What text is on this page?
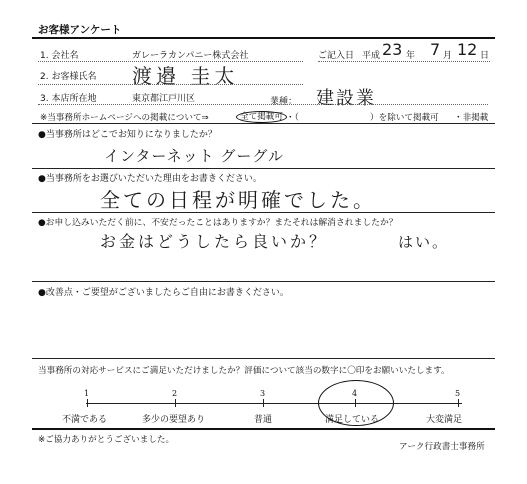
お客様アンケート
1. 会社名	ガレーラカンパニー株式会社	ご記入日 平成 23 年 7 月 12 日
2. お客様氏名 渡邉 圭太
3. 本店所在地	東京都江戸川区	業種： 建設業
※当事務所ホームページへの掲載について⇒	全て掲載可 ・（	）を除いて掲載可 ・非掲載
●当事務所はどこでお知りになりましたか？
インターネット グーグル
●当事務所をお選びいただいた理由をお書きください。
全ての日程が明確でした。
●お申し込みいただく前に、不安だったことはありますか？またそれは解消されましたか？
お金はどうしたら良いか？	はい。
●改善点・ご要望がございましたらご自由にお書きください。
当事務所の対応サービスにご満足いただけましたか？評価について該当の数字に〇印をお願いいたします。
1
不満である
2
多少の要望あり
3
普通
4
満足している
5
大変満足
※ご協力ありがとうございました。
アーク行政書士事務所
